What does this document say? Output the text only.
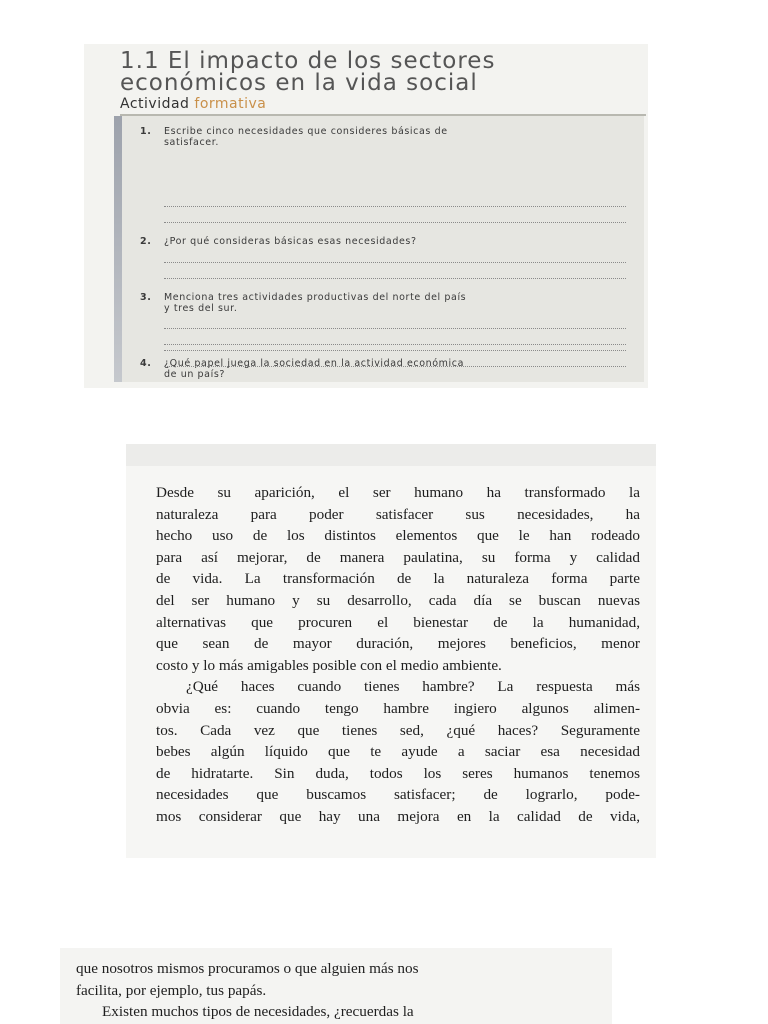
1.1 El impacto de los sectores
económicos en la vida social
Actividad formativa
1. Escribe cinco necesidades que consideres básicas de
satisfacer.
2. ¿Por qué consideras básicas esas necesidades?
3. Menciona tres actividades productivas del norte del país
y tres del sur.
4. ¿Qué papel juega la sociedad en la actividad económica
de un país?
Desde su aparición, el ser humano ha transformado la
naturaleza para poder satisfacer sus necesidades, ha
hecho uso de los distintos elementos que le han rodeado
para así mejorar, de manera paulatina, su forma y calidad
de vida. La transformación de la naturaleza forma parte
del ser humano y su desarrollo, cada día se buscan nuevas
alternativas que procuren el bienestar de la humanidad,
que sean de mayor duración, mejores beneficios, menor
costo y lo más amigables posible con el medio ambiente.
¿Qué haces cuando tienes hambre? La respuesta más
obvia es: cuando tengo hambre ingiero algunos alimen-
tos. Cada vez que tienes sed, ¿qué haces? Seguramente
bebes algún líquido que te ayude a saciar esa necesidad
de hidratarte. Sin duda, todos los seres humanos tenemos
necesidades que buscamos satisfacer; de lograrlo, pode-
mos considerar que hay una mejora en la calidad de vida,
que nosotros mismos procuramos o que alguien más nos
facilita, por ejemplo, tus papás.
Existen muchos tipos de necesidades, ¿recuerdas la
